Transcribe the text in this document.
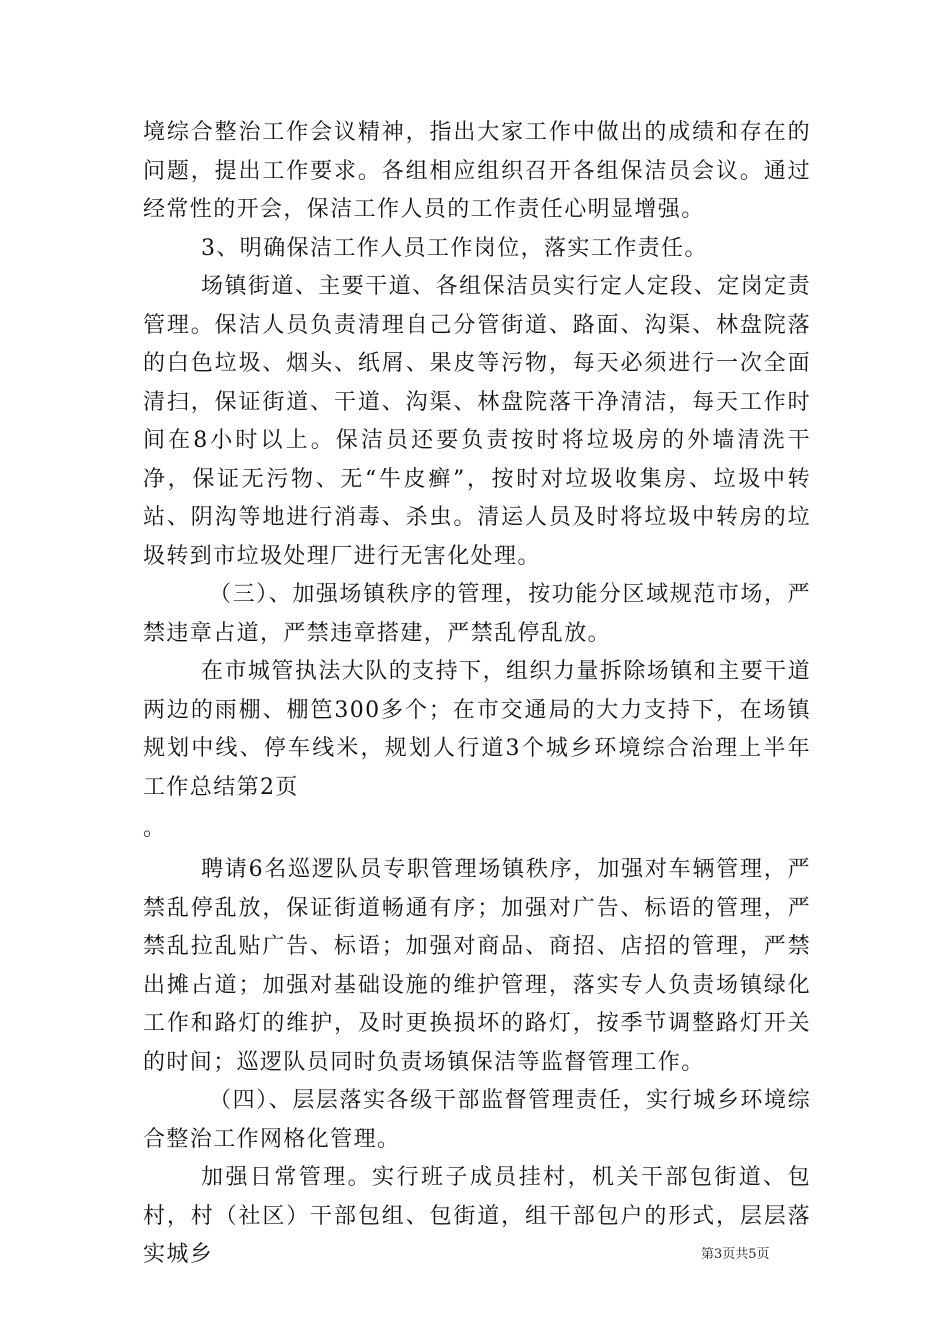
境综合整治工作会议精神，指出大家工作中做出的成绩和存在的问题，提出工作要求。各组相应组织召开各组保洁员会议。通过经常性的开会，保洁工作人员的工作责任心明显增强。

3、明确保洁工作人员工作岗位，落实工作责任。

场镇街道、主要干道、各组保洁员实行定人定段、定岗定责管理。保洁人员负责清理自己分管街道、路面、沟渠、林盘院落的白色垃圾、烟头、纸屑、果皮等污物，每天必须进行一次全面清扫，保证街道、干道、沟渠、林盘院落干净清洁，每天工作时间在8小时以上。保洁员还要负责按时将垃圾房的外墙清洗干净，保证无污物、无“牛皮癣”，按时对垃圾收集房、垃圾中转站、阴沟等地进行消毒、杀虫。清运人员及时将垃圾中转房的垃圾转到市垃圾处理厂进行无害化处理。

（三）、加强场镇秩序的管理，按功能分区域规范市场，严禁违章占道，严禁违章搭建，严禁乱停乱放。

在市城管执法大队的支持下，组织力量拆除场镇和主要干道两边的雨棚、棚笆300多个；在市交通局的大力支持下，在场镇规划中线、停车线米，规划人行道3个城乡环境综合治理上半年工作总结第2页

。

聘请6名巡逻队员专职管理场镇秩序，加强对车辆管理，严禁乱停乱放，保证街道畅通有序；加强对广告、标语的管理，严禁乱拉乱贴广告、标语；加强对商品、商招、店招的管理，严禁出摊占道；加强对基础设施的维护管理，落实专人负责场镇绿化工作和路灯的维护，及时更换损坏的路灯，按季节调整路灯开关的时间；巡逻队员同时负责场镇保洁等监督管理工作。

（四）、层层落实各级干部监督管理责任，实行城乡环境综合整治工作网格化管理。

加强日常管理。实行班子成员挂村，机关干部包街道、包村，村（社区）干部包组、包街道，组干部包户的形式，层层落实城乡	第3页共5页
